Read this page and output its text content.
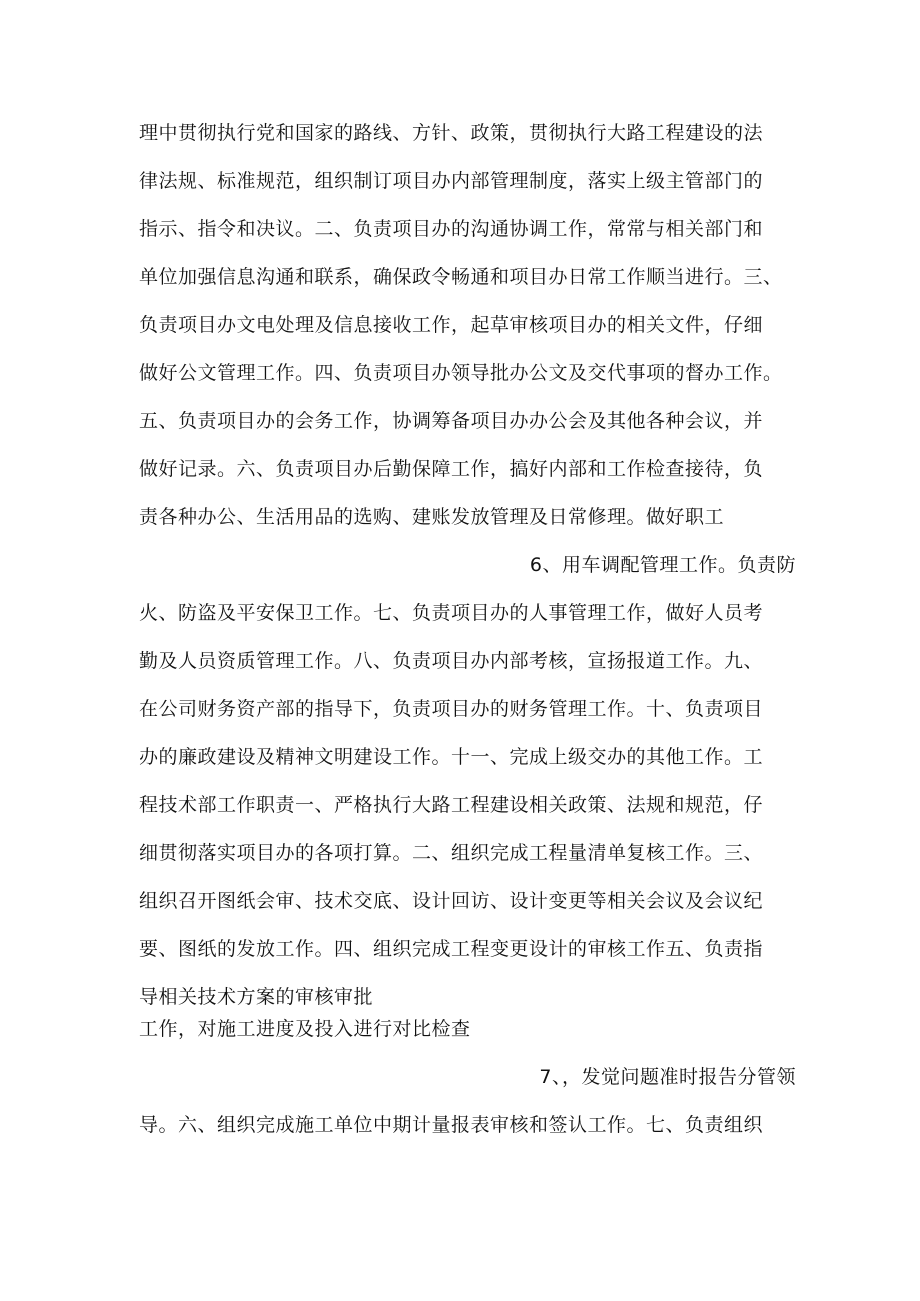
理中贯彻执行党和国家的路线、方针、政策，贯彻执行大路工程建设的法
律法规、标准规范，组织制订项目办内部管理制度，落实上级主管部门的
指示、指令和决议。二、负责项目办的沟通协调工作，常常与相关部门和
单位加强信息沟通和联系，确保政令畅通和项目办日常工作顺当进行。三、
负责项目办文电处理及信息接收工作，起草审核项目办的相关文件，仔细
做好公文管理工作。四、负责项目办领导批办公文及交代事项的督办工作。
五、负责项目办的会务工作，协调筹备项目办办公会及其他各种会议，并
做好记录。六、负责项目办后勤保障工作，搞好内部和工作检查接待，负
责各种办公、生活用品的选购、建账发放管理及日常修理。做好职工
6、用车调配管理工作。负责防
火、防盗及平安保卫工作。七、负责项目办的人事管理工作，做好人员考
勤及人员资质管理工作。八、负责项目办内部考核，宣扬报道工作。九、
在公司财务资产部的指导下，负责项目办的财务管理工作。十、负责项目
办的廉政建设及精神文明建设工作。十一、完成上级交办的其他工作。工
程技术部工作职责一、严格执行大路工程建设相关政策、法规和规范，仔
细贯彻落实项目办的各项打算。二、组织完成工程量清单复核工作。三、
组织召开图纸会审、技术交底、设计回访、设计变更等相关会议及会议纪
要、图纸的发放工作。四、组织完成工程变更设计的审核工作五、负责指
导相关技术方案的审核审批
工作，对施工进度及投入进行对比检查
7、，发觉问题准时报告分管领
导。六、组织完成施工单位中期计量报表审核和签认工作。七、负责组织
